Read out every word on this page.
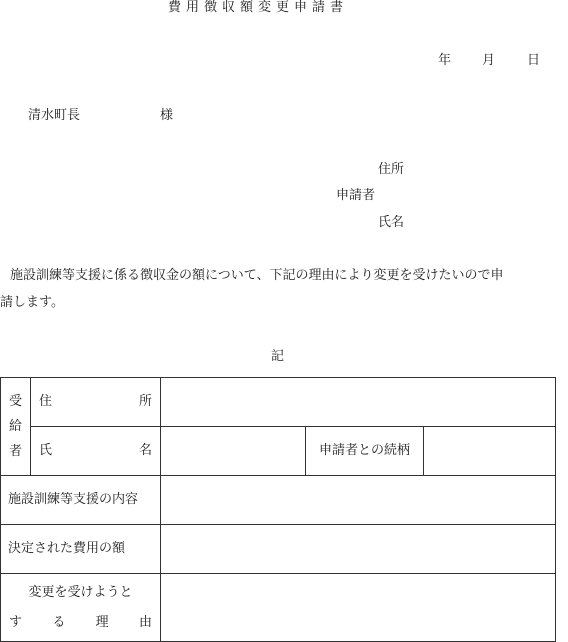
費用徴収額変更申請書
年 月 日
清水町長	様
住所
申請者
氏名
施設訓練等支援に係る徴収金の額について、下記の理由により変更を受けたいので申
請します。
記
受
給
者	住 所			

	氏 名		申請者との続柄	
施設訓練等支援の内容				
決定された費用の額				

変更を受けようと
す る 理 由				
